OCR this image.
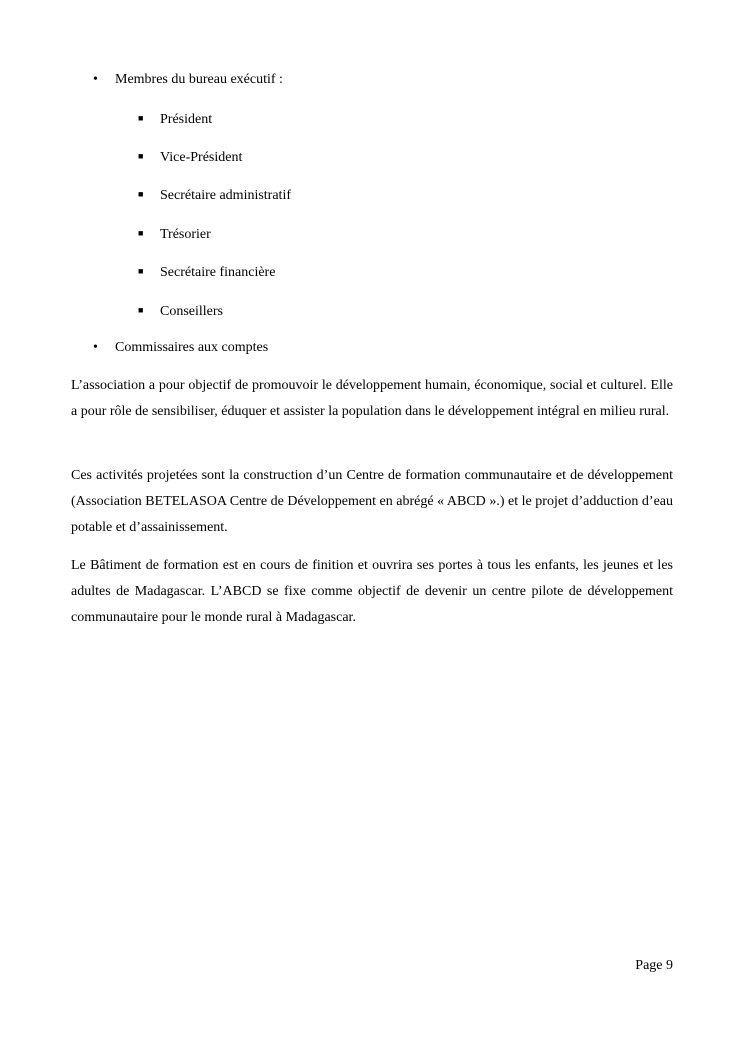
• Membres du bureau exécutif :
■ Président
■ Vice-Président
■ Secrétaire administratif
■ Trésorier
■ Secrétaire financière
■ Conseillers
• Commissaires aux comptes

L’association a pour objectif de promouvoir le développement humain, économique, social et culturel. Elle a pour rôle de sensibiliser, éduquer et assister la population dans le développement intégral en milieu rural.

Ces activités projetées sont la construction d’un Centre de formation communautaire et de développement (Association BETELASOA Centre de Développement en abrégé « ABCD ».) et le projet d’adduction d’eau potable et d’assainissement.

Le Bâtiment de formation est en cours de finition et ouvrira ses portes à tous les enfants, les jeunes et les adultes de Madagascar. L’ABCD se fixe comme objectif de devenir un centre pilote de développement communautaire pour le monde rural à Madagascar.

Page 9
